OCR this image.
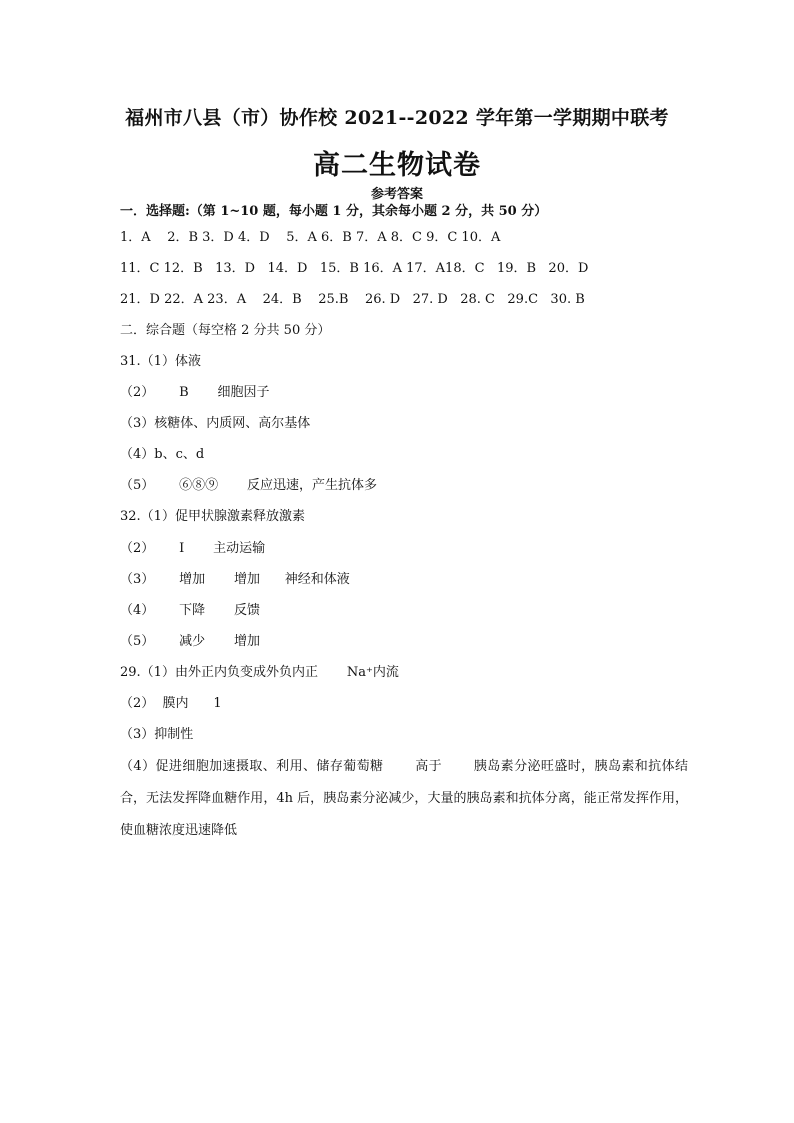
福州市八县（市）协作校 2021--2022 学年第一学期期中联考
高二生物试卷
参考答案
一．选择题:（第 1~10 题，每小题 1 分，其余每小题 2 分，共 50 分）
1．A    2．B 3．D 4．D    5．A 6．B 7．A 8．C 9．C 10．A
11．C 12．B   13．D   14．D   15．B 16．A 17．A18．C   19．B   20．D
21．D 22．A 23．A    24．B    25.B    26. D   27. D   28. C   29.C   30. B
二．综合题（每空格 2 分共 50 分）
31.（1）体液
（2）      B       细胞因子
（3）核糖体、内质网、高尔基体
（4）b、c、d
（5）      ⑥⑧⑨       反应迅速，产生抗体多
32.（1）促甲状腺激素释放激素
（2）      I       主动运输
（3）      增加       增加      神经和体液
（4）      下降       反馈
（5）      减少       增加
29.（1）由外正内负变成外负内正       Na⁺内流
（2）  膜内      1
（3）抑制性
（4）促进细胞加速摄取、利用、储存葡萄糖       高于       胰岛素分泌旺盛时，胰岛素和抗体结合，无法发挥降血糖作用，4h 后，胰岛素分泌减少，大量的胰岛素和抗体分离，能正常发挥作用，使血糖浓度迅速降低
